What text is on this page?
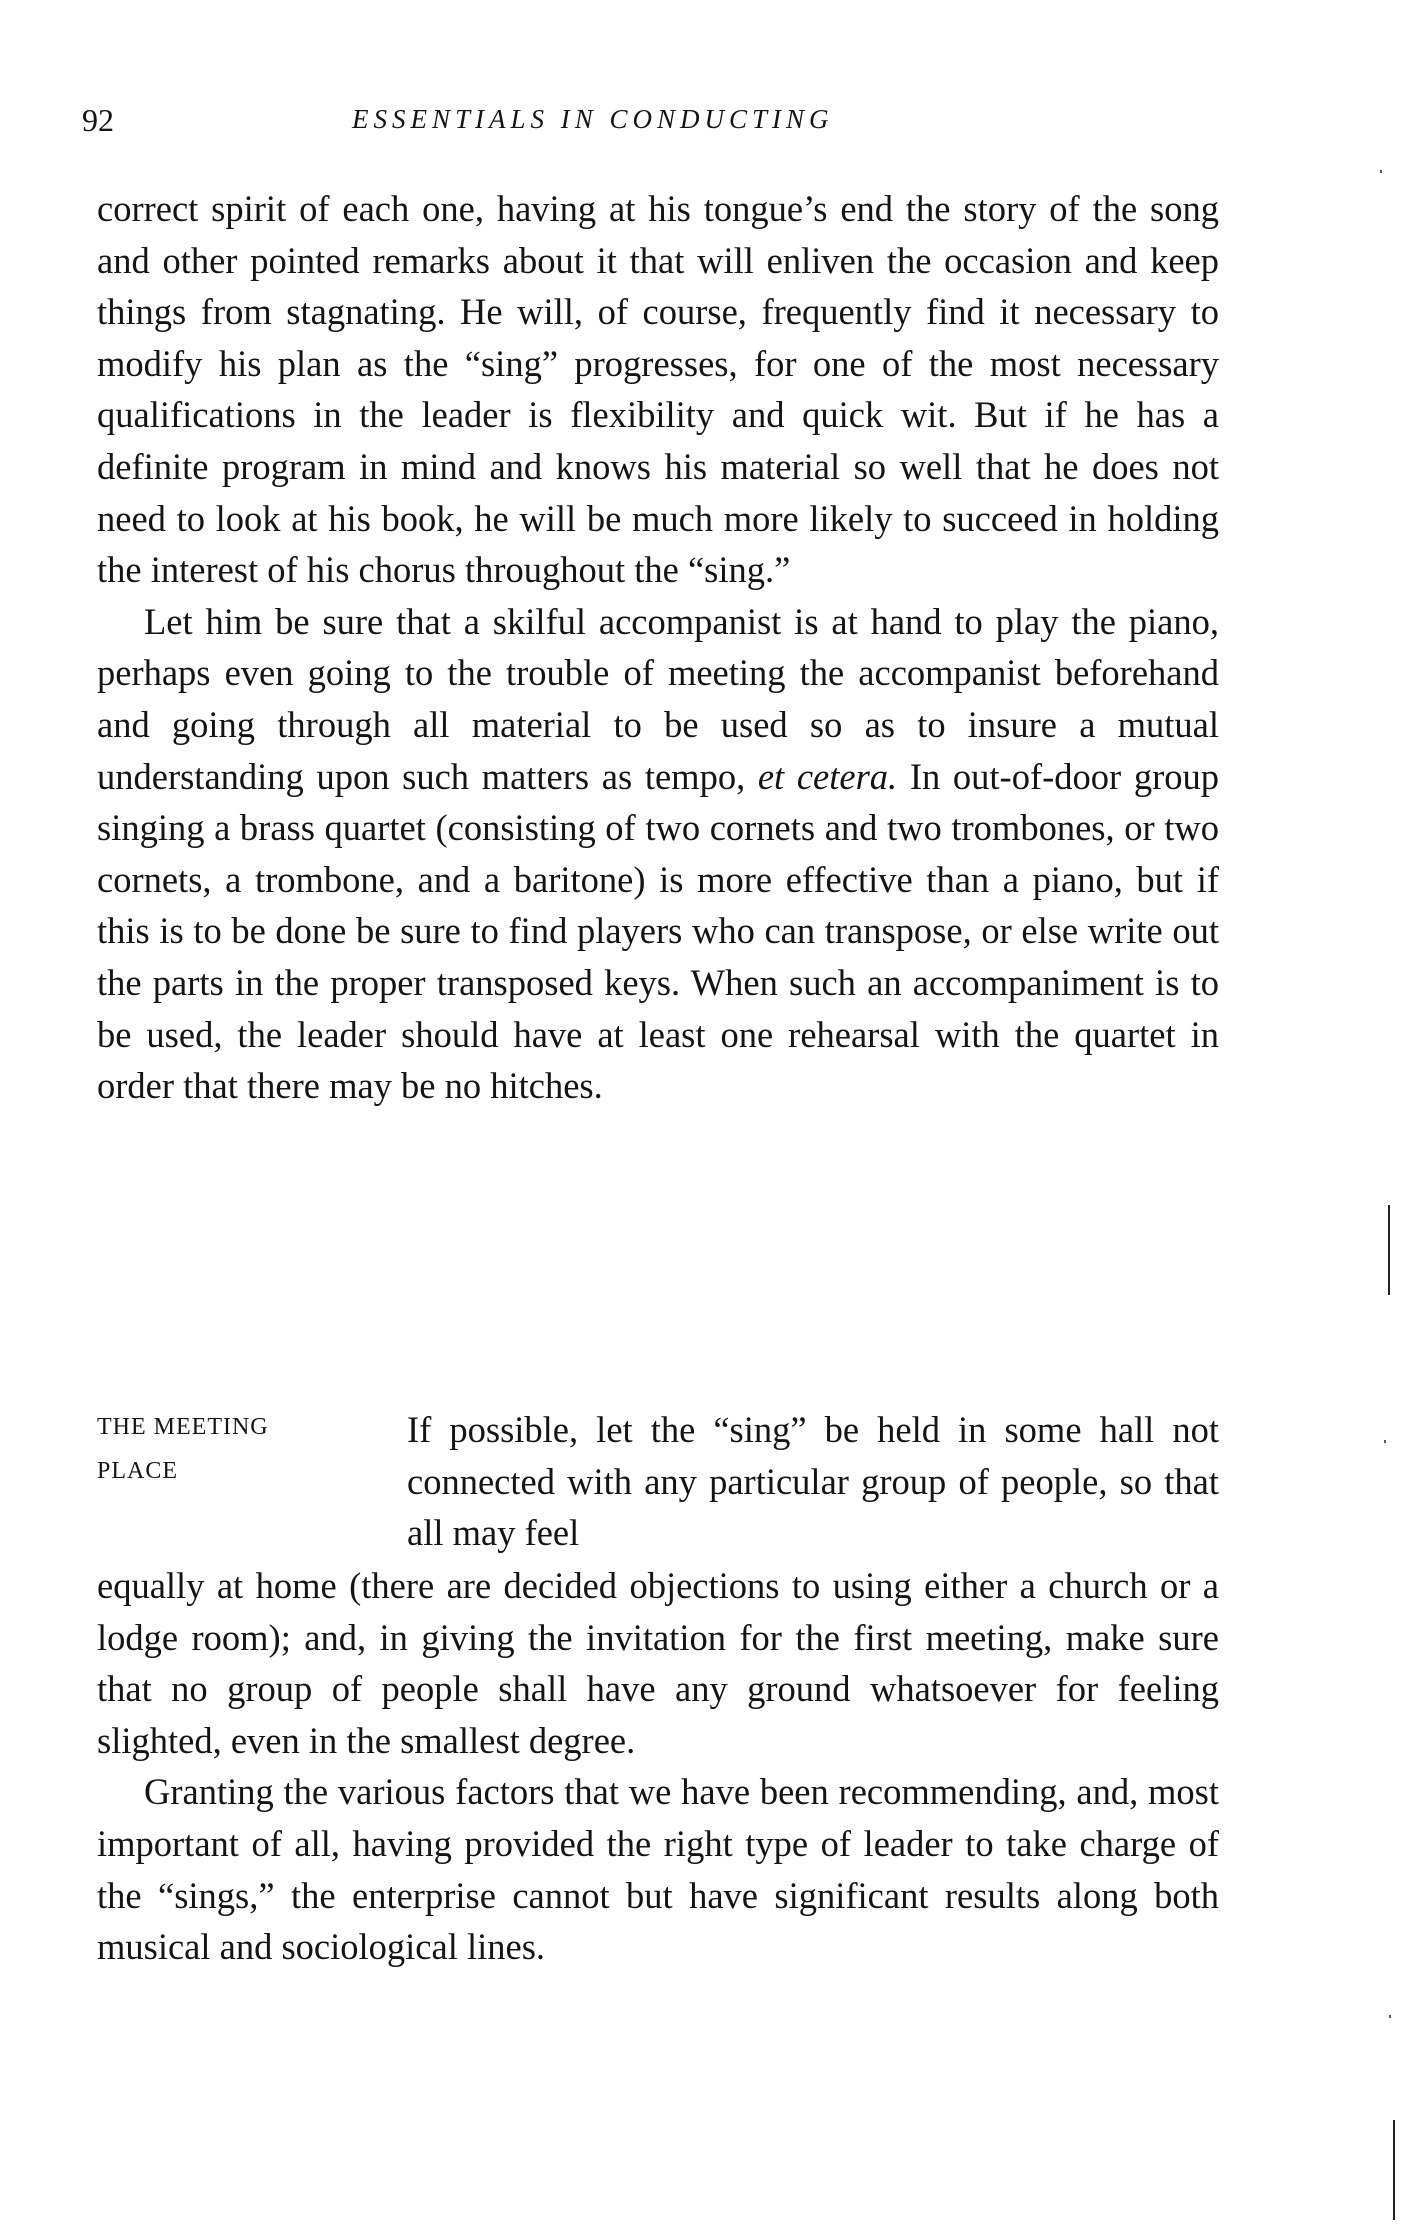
92	ESSENTIALS IN CONDUCTING

correct spirit of each one, having at his tongue’s end the story of the song and other pointed remarks about it that will enliven the occasion and keep things from stagnating. He will, of course, frequently find it necessary to modify his plan as the “sing” progresses, for one of the most necessary qualifications in the leader is flexibility and quick wit. But if he has a definite program in mind and knows his material so well that he does not need to look at his book, he will be much more likely to succeed in holding the interest of his chorus throughout the “sing.”

Let him be sure that a skilful accompanist is at hand to play the piano, perhaps even going to the trouble of meeting the accompanist beforehand and going through all material to be used so as to insure a mutual understanding upon such matters as tempo, et cetera. In out-of-door group singing a brass quartet (consisting of two cornets and two trombones, or two cornets, a trombone, and a baritone) is more effective than a piano, but if this is to be done be sure to find players who can transpose, or else write out the parts in the proper transposed keys. When such an accompaniment is to be used, the leader should have at least one rehearsal with the quartet in order that there may be no hitches.

THE MEETING
PLACE

If possible, let the “sing” be held in some hall not connected with any particular group of people, so that all may feel

equally at home (there are decided objections to using either a church or a lodge room); and, in giving the invitation for the first meeting, make sure that no group of people shall have any ground whatsoever for feeling slighted, even in the smallest degree.

Granting the various factors that we have been recommending, and, most important of all, having provided the right type of leader to take charge of the “sings,” the enterprise cannot but have significant results along both musical and sociological lines.
